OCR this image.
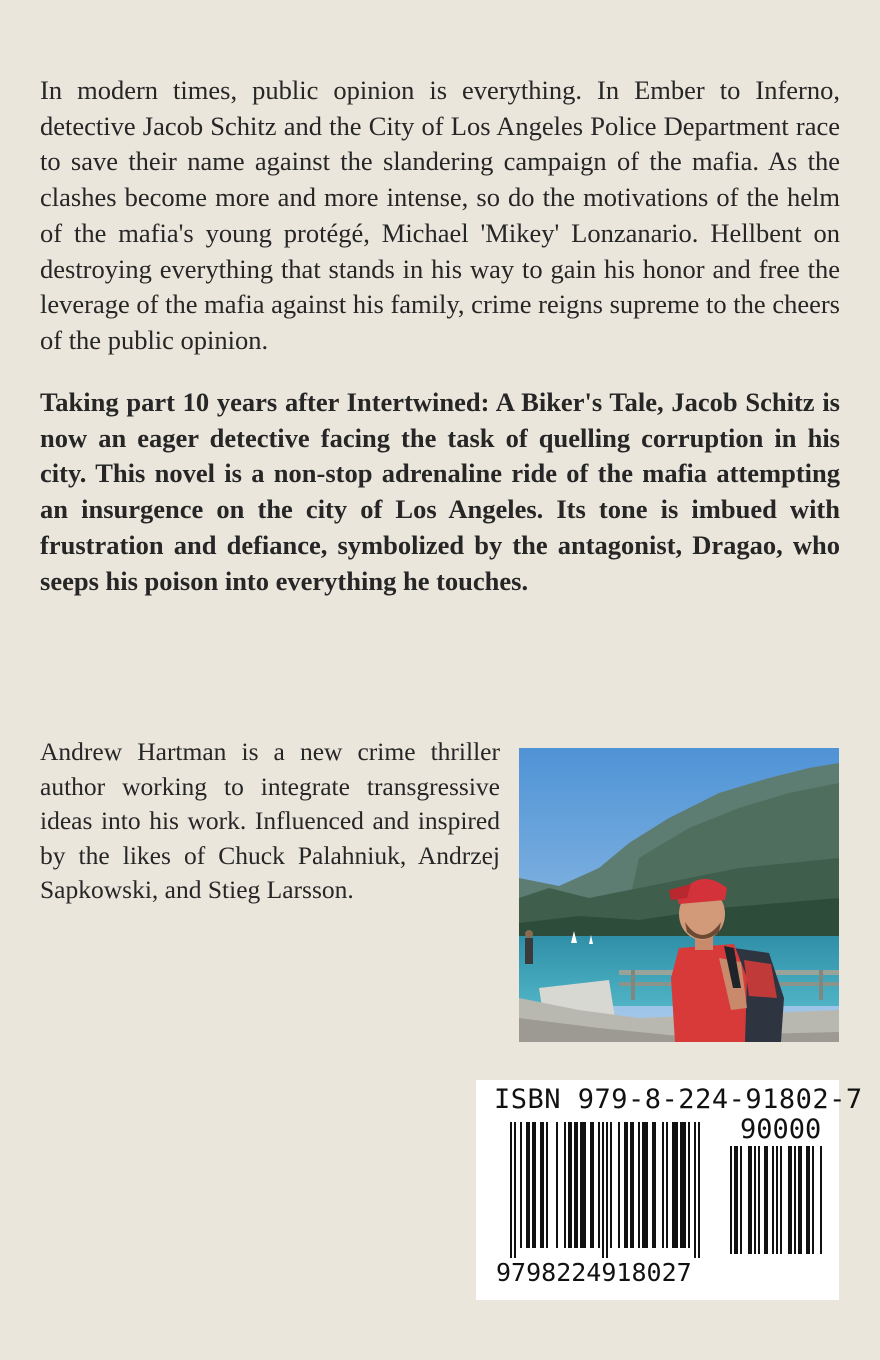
In modern times, public opinion is everything. In Ember to Inferno, detective Jacob Schitz and the City of Los Angeles Police Department race to save their name against the slandering campaign of the mafia. As the clashes become more and more intense, so do the motivations of the helm of the mafia's young protégé, Michael 'Mikey' Lonzanario. Hellbent on destroying everything that stands in his way to gain his honor and free the leverage of the mafia against his family, crime reigns supreme to the cheers of the public opinion.

Taking part 10 years after Intertwined: A Biker's Tale, Jacob Schitz is now an eager detective facing the task of quelling corruption in his city. This novel is a non-stop adrenaline ride of the mafia attempting an insurgence on the city of Los Angeles. Its tone is imbued with frustration and defiance, symbolized by the antagonist, Dragao, who seeps his poison into everything he touches.

Andrew Hartman is a new crime thriller author working to integrate transgressive ideas into his work. Influenced and inspired by the likes of Chuck Palahniuk, Andrzej Sapkowski, and Stieg Larsson.

ISBN 979-8-224-91802-7
90000
9798224918027
